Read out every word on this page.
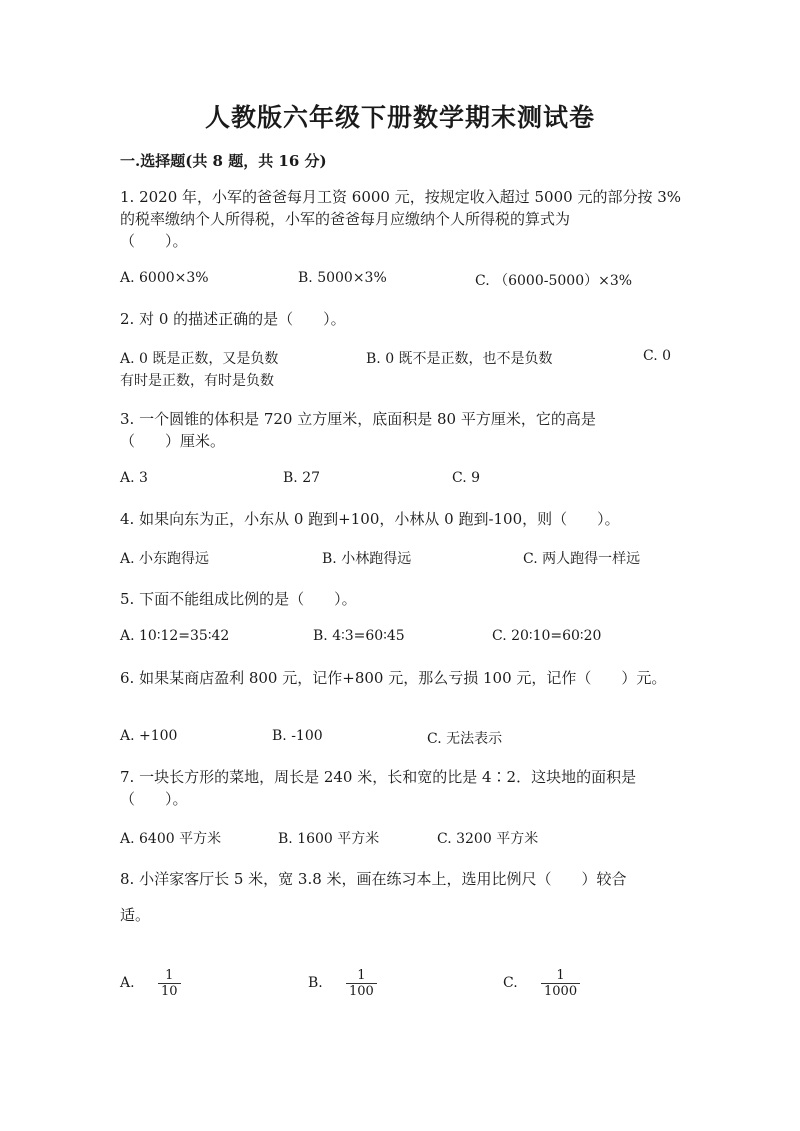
人教版六年级下册数学期末测试卷
一.选择题(共 8 题，共 16 分)
1. 2020 年，小军的爸爸每月工资 6000 元，按规定收入超过 5000 元的部分按 3%
的税率缴纳个人所得税，小军的爸爸每月应缴纳个人所得税的算式为
（　　）。
A. 6000×3%	B. 5000×3%	C. （6000-5000）×3%
2. 对 0 的描述正确的是（　　）。
A. 0 既是正数，又是负数	B. 0 既不是正数，也不是负数	C. 0
有时是正数，有时是负数
3. 一个圆锥的体积是 720 立方厘米，底面积是 80 平方厘米，它的高是
（　　）厘米。
A. 3	B. 27	C. 9
4. 如果向东为正，小东从 0 跑到+100，小林从 0 跑到-100，则（　　）。
A. 小东跑得远	B. 小林跑得远	C. 两人跑得一样远
5. 下面不能组成比例的是（　　）。
A. 10∶12=35∶42	B. 4∶3=60∶45	C. 20∶10=60∶20
6. 如果某商店盈利 800 元，记作+800 元，那么亏损 100 元，记作（　　）元。
A. +100	B. -100	C. 无法表示
7. 一块长方形的菜地，周长是 240 米，长和宽的比是 4∶2．这块地的面积是
（　　）。
A. 6400 平方米	B. 1600 平方米	C. 3200 平方米
8. 小洋家客厅长 5 米，宽 3.8 米，画在练习本上，选用比例尺（　　）较合
适。
A. $\frac{1}{10}$	B. $\frac{1}{100}$	C. $\frac{1}{1000}$
